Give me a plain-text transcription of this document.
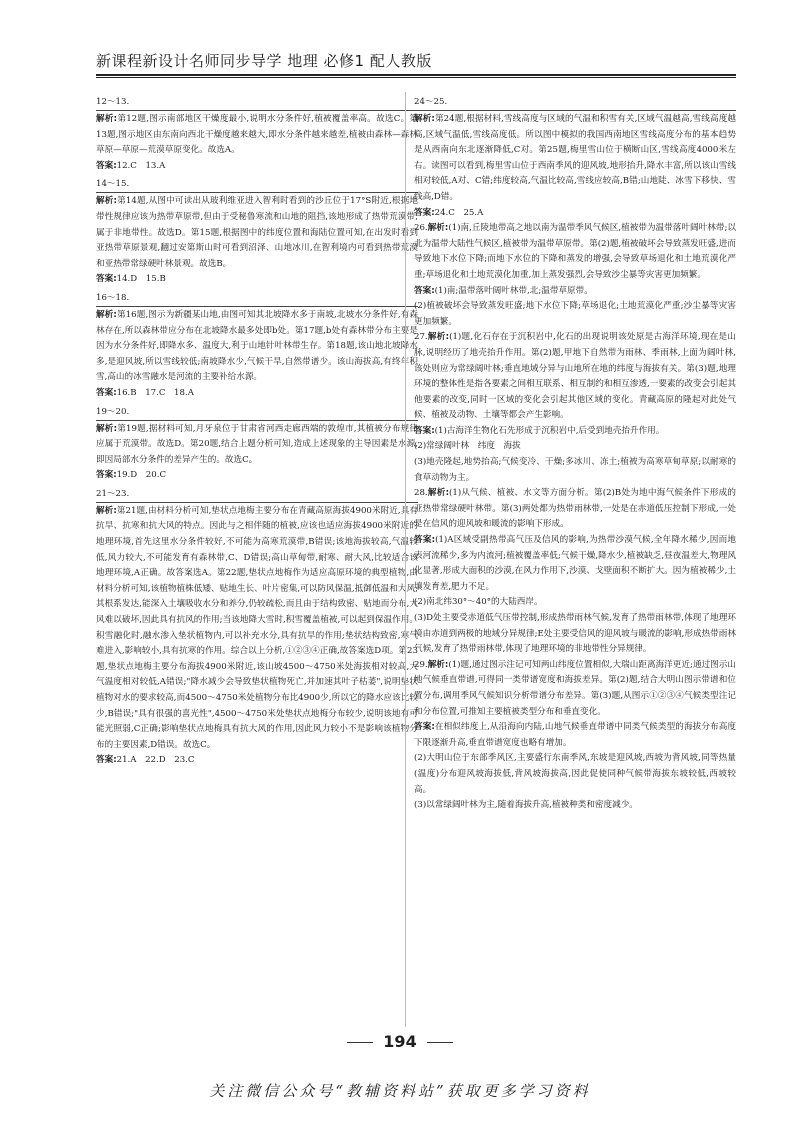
新课程新设计名师同步导学 地理 必修1 配人教版
12～13.

解析:第12题,图示南部地区干燥度最小,说明水分条件好,植被覆盖率高。故选C。第13题,图示地区由东南向西北干燥度越来越大,即水分条件越来越差,植被由森林—森林草原—草原—荒漠草原变化。故选A。

答案:12.C　13.A

14～15.

解析:第14题,从图中可读出从玻利维亚进入智利时看到的沙丘位于17°S附近,根据地带性规律应该为热带草原带,但由于受秘鲁寒流和山地的阻挡,该地形成了热带荒漠带,属于非地带性。故选D。第15题,根据图中的纬度位置和海陆位置可知,在出发时看到亚热带草原景观,翻过安第斯山时可看到沼泽、山地冰川,在智利境内可看到热带荒漠和亚热带常绿硬叶林景观。故选B。

答案:14.D　15.B

16～18.

解析:第16题,图示为新疆某山地,由图可知其北坡降水多于南坡,北坡水分条件好,有森林存在,所以森林带应分布在北坡降水最多处即b处。第17题,b处有森林带分布主要是因为水分条件好,即降水多、温度大,利于山地针叶林带生存。第18题,该山地北坡降水多,是迎风坡,所以雪线较低;南坡降水少,气候干旱,自然带谱少。该山海拔高,有终年积雪,高山的冰雪融水是河流的主要补给水源。

答案:16.B　17.C　18.A

19～20.

解析:第19题,据材料可知,月牙泉位于甘肃省河西走廊西端的敦煌市,其植被分布规律应属于荒漠带。故选D。第20题,结合上题分析可知,造成上述现象的主导因素是水源,即因局部水分条件的差异产生的。故选C。

答案:19.D　20.C

21～23.

解析:第21题,由材料分析可知,垫状点地梅主要分布在青藏高原海拔4900米附近,具有抗旱、抗寒和抗大风的特点。因此与之相伴随的植被,应该也适应海拔4900米附近的地理环境,首先这里水分条件较好,不可能为高寒荒漠带,B错误;该地海拔较高,气温较低,风力较大,不可能发育有森林带,C、D错误;高山草甸带,耐寒、耐大风,比较适合该地理环境,A正确。故答案选A。第22题,垫状点地梅作为适应高原环境的典型植物,由材料分析可知,该植物植株低矮、贴地生长、叶片密集,可以防风保温,抵御低温和大风;其根系发达,能深入土壤吸收水分和养分,仍较疏松,而且由于结构致密、贴地而分布,大风难以破坏,因此具有抗风的作用;当该地降大雪时,积雪覆盖植被,可以起到保温作用。积雪融化时,融水渗入垫状植物内,可以补充水分,具有抗旱的作用;垫状结构致密,寒气难进入,影响较小,具有抗寒的作用。综合以上分析,①②③④正确,故答案选D项。第23题,垫状点地梅主要分布海拔4900米附近,该山坡4500～4750米处海拔相对较高,大气温度相对较低,A错误;"降水减少会导致垫状植物死亡,并加速其叶子枯萎",说明垫状植物对水的要求较高,而4500～4750米处植物分布比4900少,所以它的降水应该比较少,B错误;"具有很强的喜光性",4500～4750米处垫状点地梅分布较少,说明该地有可能光照弱,C正确;影响垫状点地梅具有抗大风的作用,因此风力较小不是影响该植物分布的主要因素,D错误。故选C。

答案:21.A　22.D　23.C

24～25.

解析:第24题,根据材料,雪线高度与区域的气温和积雪有关,区域气温越高,雪线高度越高,区域气温低,雪线高度低。所以图中模拟的我国西南地区雪线高度分布的基本趋势是从西南向东北逐渐降低,C对。第25题,梅里雪山位于横断山区,雪线高度4000米左右。读图可以看到,梅里雪山位于西南季风的迎风坡,地形抬升,降水丰富,所以该山雪线相对较低,A对、C错;纬度较高,气温比较高,雪线应较高,B错;山地陡、冰雪下移快、雪线高,D错。

答案:24.C　25.A

26.解析:(1)南,丘陵地带高之地以南为温带季风气候区,植被带为温带落叶阔叶林带;以北为温带大陆性气候区,植被带为温带草原带。第(2)题,植被破坏会导致蒸发旺盛,进而导致地下水位下降;而地下水位的下降和蒸发的增强,会导致草场退化和土地荒漠化严重;草场退化和土地荒漠化加重,加上蒸发强烈,会导致沙尘暴等灾害更加频繁。

答案:(1)南;温带落叶阔叶林带,北;温带草原带。

(2)植被破坏会导致蒸发旺盛;地下水位下降;草场退化;土地荒漠化严重;沙尘暴等灾害更加频繁。

27.解析:(1)题,化石存在于沉积岩中,化石的出现说明该处原是古海洋环境,现在是山脉,说明经历了地壳抬升作用。第(2)题,甲地下自然带为雨林、季雨林,上面为阔叶林,该处则应为常绿阔叶林;垂直地域分异与山地所在地的纬度与海拔有关。第(3)题,地理环境的整体性是指各要素之间相互联系、相互制约和相互渗透,一要素的改变会引起其他要素的改变,同时一区域的变化会引起其他区域的变化。青藏高原的隆起对此处气候、植被及动物、土壤等都会产生影响。

答案:(1)古海洋生物化石先形成于沉积岩中,后受到地壳抬升作用。

(2)常绿阔叶林　纬度　海拔

(3)地壳隆起,地势抬高;气候变冷、干燥;多冰川、冻土;植被为高寒草甸草原;以耐寒的食草动物为主。

28.解析:(1)从气候、植被、水文等方面分析。第(2)B处为地中海气候条件下形成的亚热带常绿硬叶林带。第(3)两处都为热带雨林带,一处是在赤道低压控制下形成,一处是在信风的迎风坡和暖流的影响下形成。

答案:(1)A区域受副热带高气压及信风的影响,为热带沙漠气候,全年降水稀少,因而地表河流稀少,多为内流河;植被覆盖率低;气候干燥,降水少,植被缺乏,昼夜温差大,物理风化显著,形成大面积的沙漠,在风力作用下,沙漠、戈壁面积不断扩大。因为植被稀少,土壤发育差,肥力不足。

(2)南北纬30°～40°的大陆西岸。

(3)D处主要受赤道低气压带控制,形成热带雨林气候,发育了热带雨林带,体现了地理环境由赤道到两极的地域分异规律;E处主要受信风的迎风坡与暖流的影响,形成热带雨林气候,发育了热带雨林带,体现了地理环境的非地带性分异规律。

29.解析:(1)题,通过图示注记可知两山纬度位置相似,大瑞山距离海洋更近;通过图示山地气候垂直带谱,可得同一类带谱宽度和海拔差异。第(2)题,结合大明山图示带谱和位置分布,调用季风气候知识分析带谱分布差异。第(3)题,从图示①②③④气候类型注记和分布位置,可推知主要植被类型分布和垂直变化。

答案:在相似纬度上,从沿海向内陆,山地气候垂直带谱中同类气候类型的海拔分布高度下限逐渐升高,垂直带谱宽度也略有增加。

(2)大明山位于东部季风区,主要盛行东南季风,东坡是迎风坡,西坡为背风坡,同等热量(温度)分布迎风坡海拔低,背风坡海拔高,因此促使同种气候带海拔东坡较低,西坡较高。

(3)以常绿阔叶林为主,随着海拔升高,植被种类和密度减少。

194
关注微信公众号“教辅资料站”获取更多学习资料
